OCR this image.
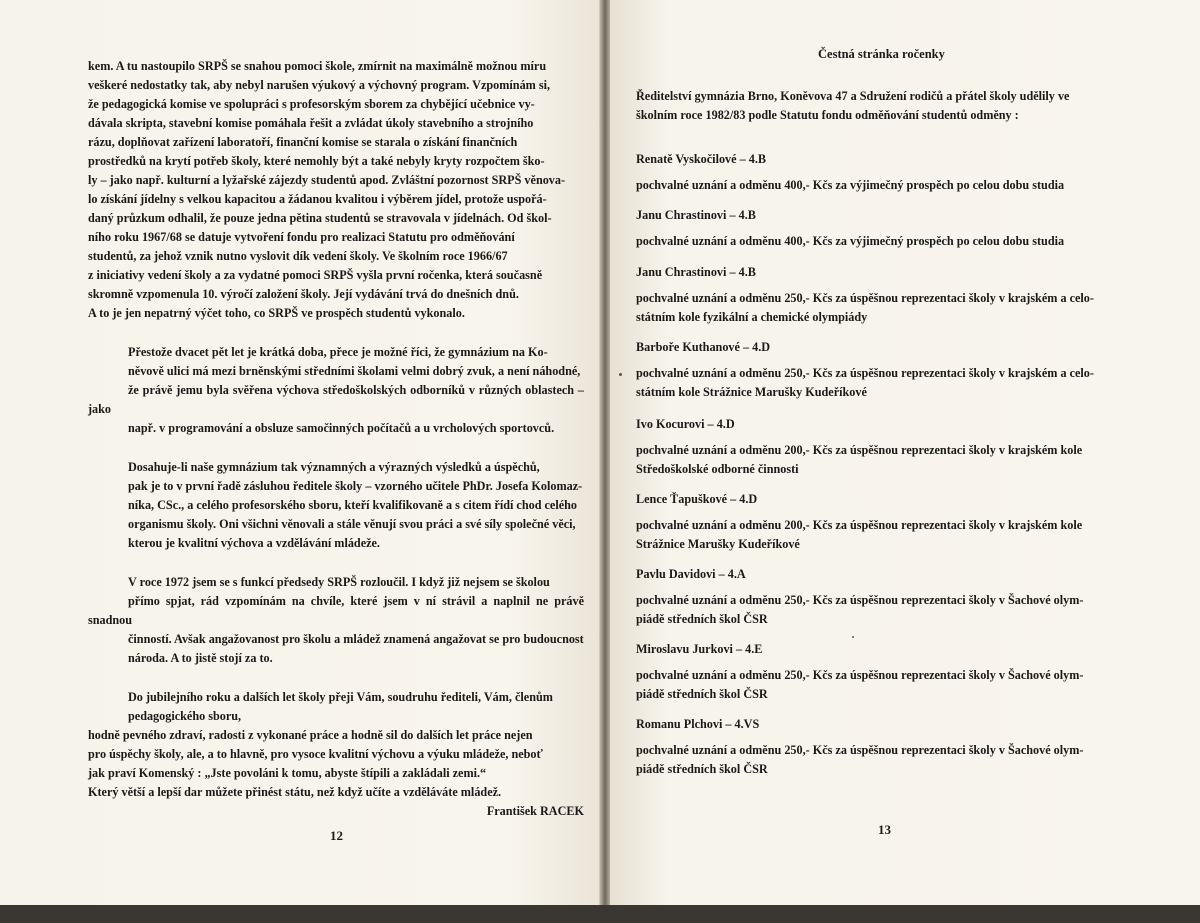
kem. A tu nastoupilo SRPŠ se snahou pomoci škole, zmírnit na maximálně možnou míru
veškeré nedostatky tak, aby nebyl narušen výukový a výchovný program. Vzpomínám si,
že pedagogická komise ve spolupráci s profesorským sborem za chybějící učebnice vy-
dávala skripta, stavební komise pomáhala řešit a zvládat úkoly stavebního a strojního
rázu, doplňovat zařízení laboratoří, finanční komise se starala o získání finančních
prostředků na krytí potřeb školy, které nemohly být a také nebyly kryty rozpočtem ško-
ly – jako např. kulturní a lyžařské zájezdy studentů apod. Zvláštní pozornost SRPŠ věnova-
lo získání jídelny s velkou kapacitou a žádanou kvalitou i výběrem jídel, protože uspořá-
daný průzkum odhalil, že pouze jedna pětina studentů se stravovala v jídelnách. Od škol-
ního roku 1967/68 se datuje vytvoření fondu pro realizaci Statutu pro odměňování
studentů, za jehož vznik nutno vyslovit dík vedení školy. Ve školním roce 1966/67
z iniciativy vedení školy a za vydatné pomoci SRPŠ vyšla první ročenka, která současně
skromně vzpomenula 10. výročí založení školy. Její vydávání trvá do dnešních dnů.
A to je jen nepatrný výčet toho, co SRPŠ ve prospěch studentů vykonalo.

Přestože dvacet pět let je krátká doba, přece je možné říci, že gymnázium na Ko-
něvově ulici má mezi brněnskými středními školami velmi dobrý zvuk, a není náhodné,
že právě jemu byla svěřena výchova středoškolských odborníků v různých oblastech – jako
např. v programování a obsluze samočinných počítačů a u vrcholových sportovců.

Dosahuje-li naše gymnázium tak významných a výrazných výsledků a úspěchů,
pak je to v první řadě zásluhou ředitele školy – vzorného učitele PhDr. Josefa Kolomaz-
níka, CSc., a celého profesorského sboru, kteří kvalifikovaně a s citem řídí chod celého
organismu školy. Oni všichni věnovali a stále věnují svou práci a své síly společné věci,
kterou je kvalitní výchova a vzdělávání mládeže.

V roce 1972 jsem se s funkcí předsedy SRPŠ rozloučil. I když již nejsem se školou
přímo spjat, rád vzpomínám na chvíle, které jsem v ní strávil a naplnil ne právě snadnou
činností. Avšak angažovanost pro školu a mládež znamená angažovat se pro budoucnost
národa. A to jistě stojí za to.

Do jubilejního roku a dalších let školy přeji Vám, soudruhu řediteli, Vám, členům
pedagogického sboru,

hodně pevného zdraví, radosti z vykonané práce a hodně sil do dalších let práce nejen
pro úspěchy školy, ale, a to hlavně, pro vysoce kvalitní výchovu a výuku mládeže, neboť
jak praví Komenský : „Jste povoláni k tomu, abyste štípili a zakládali zemi.“
Který větší a lepší dar můžete přinést státu, než když učíte a vzděláváte mládež.
František RACEK

12
Čestná stránka ročenky
Ředitelství gymnázia Brno, Koněvova 47 a Sdružení rodičů a přátel školy udělily ve
školním roce 1982/83 podle Statutu fondu odměňování studentů odměny :
Renatě Vyskočilové – 4.B
pochvalné uznání a odměnu 400,- Kčs za výjimečný prospěch po celou dobu studia
Janu Chrastinovi – 4.B
pochvalné uznání a odměnu 400,- Kčs za výjimečný prospěch po celou dobu studia
Janu Chrastinovi – 4.B
pochvalné uznání a odměnu 250,- Kčs za úspěšnou reprezentaci školy v krajském a celo-
státním kole fyzikální a chemické olympiády
Barboře Kuthanové – 4.D
pochvalné uznání a odměnu 250,- Kčs za úspěšnou reprezentaci školy v krajském a celo-
státním kole Strážnice Marušky Kudeříkové
Ivo Kocurovi – 4.D
pochvalné uznání a odměnu 200,- Kčs za úspěšnou reprezentaci školy v krajském kole
Středoškolské odborné činnosti
Lence Ťapuškové – 4.D
pochvalné uznání a odměnu 200,- Kčs za úspěšnou reprezentaci školy v krajském kole
Strážnice Marušky Kudeříkové
Pavlu Davidovi – 4.A
pochvalné uznání a odměnu 250,- Kčs za úspěšnou reprezentaci školy v Šachové olym-
piádě středních škol ČSR
Miroslavu Jurkovi – 4.E
pochvalné uznání a odměnu 250,- Kčs za úspěšnou reprezentaci školy v Šachové olym-
piádě středních škol ČSR
Romanu Plchovi – 4.VS
pochvalné uznání a odměnu 250,- Kčs za úspěšnou reprezentaci školy v Šachové olym-
piádě středních škol ČSR
13
